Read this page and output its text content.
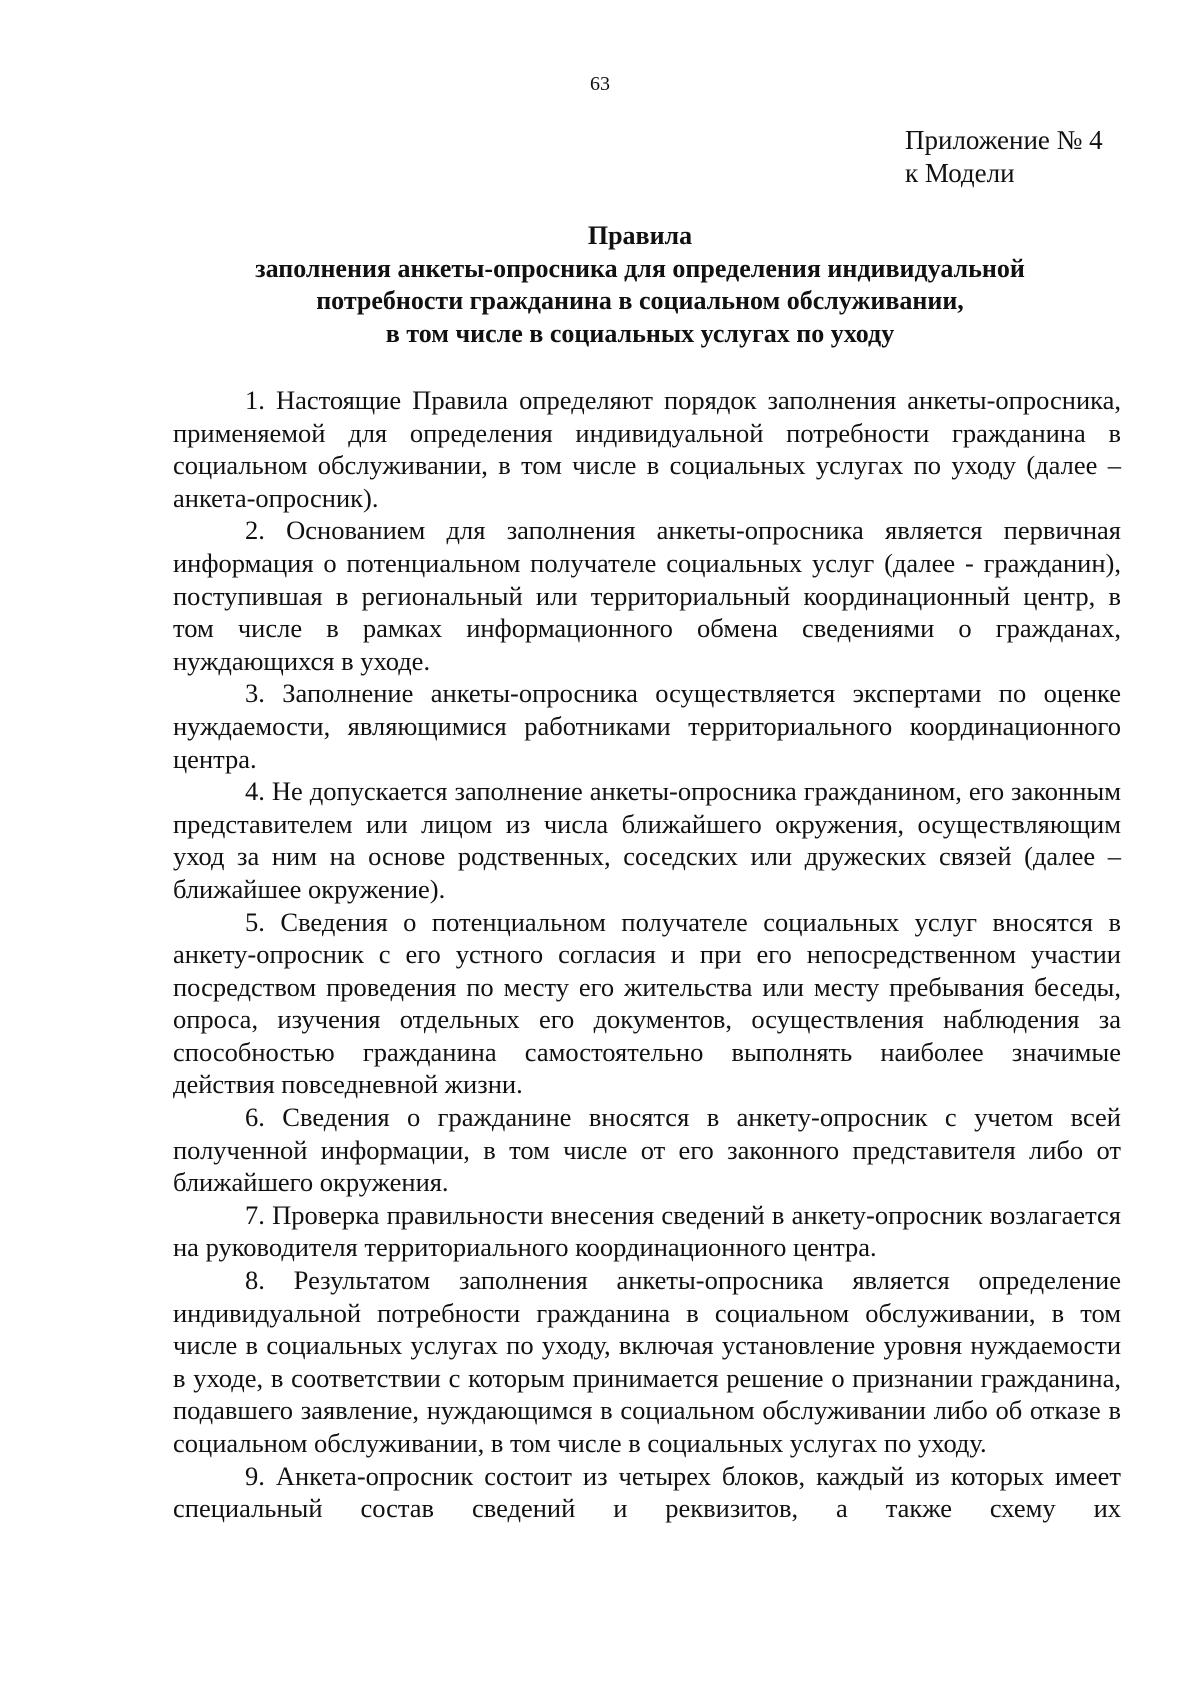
63
Приложение № 4
к Модели
Правила
заполнения анкеты-опросника для определения индивидуальной
потребности гражданина в социальном обслуживании,
в том числе в социальных услугах по уходу

1. Настоящие Правила определяют порядок заполнения анкеты-опросника, применяемой для определения индивидуальной потребности гражданина в социальном обслуживании, в том числе в социальных услугах по уходу (далее – анкета-опросник).

2. Основанием для заполнения анкеты-опросника является первичная информация о потенциальном получателе социальных услуг (далее - гражданин), поступившая в региональный или территориальный координационный центр, в том числе в рамках информационного обмена сведениями о гражданах, нуждающихся в уходе.

3. Заполнение анкеты-опросника осуществляется экспертами по оценке нуждаемости, являющимися работниками территориального координационного центра.

4. Не допускается заполнение анкеты-опросника гражданином, его законным представителем или лицом из числа ближайшего окружения, осуществляющим уход за ним на основе родственных, соседских или дружеских связей (далее – ближайшее окружение).

5. Сведения о потенциальном получателе социальных услуг вносятся в анкету-опросник с его устного согласия и при его непосредственном участии посредством проведения по месту его жительства или месту пребывания беседы, опроса, изучения отдельных его документов, осуществления наблюдения за способностью гражданина самостоятельно выполнять наиболее значимые действия повседневной жизни.

6. Сведения о гражданине вносятся в анкету-опросник с учетом всей полученной информации, в том числе от его законного представителя либо от ближайшего окружения.

7. Проверка правильности внесения сведений в анкету-опросник возлагается на руководителя территориального координационного центра.

8. Результатом заполнения анкеты-опросника является определение индивидуальной потребности гражданина в социальном обслуживании, в том числе в социальных услугах по уходу, включая установление уровня нуждаемости в уходе, в соответствии с которым принимается решение о признании гражданина, подавшего заявление, нуждающимся в социальном обслуживании либо об отказе в социальном обслуживании, в том числе в социальных услугах по уходу.

9. Анкета-опросник состоит из четырех блоков, каждый из которых имеет специальный состав сведений и реквизитов, а также схему их
